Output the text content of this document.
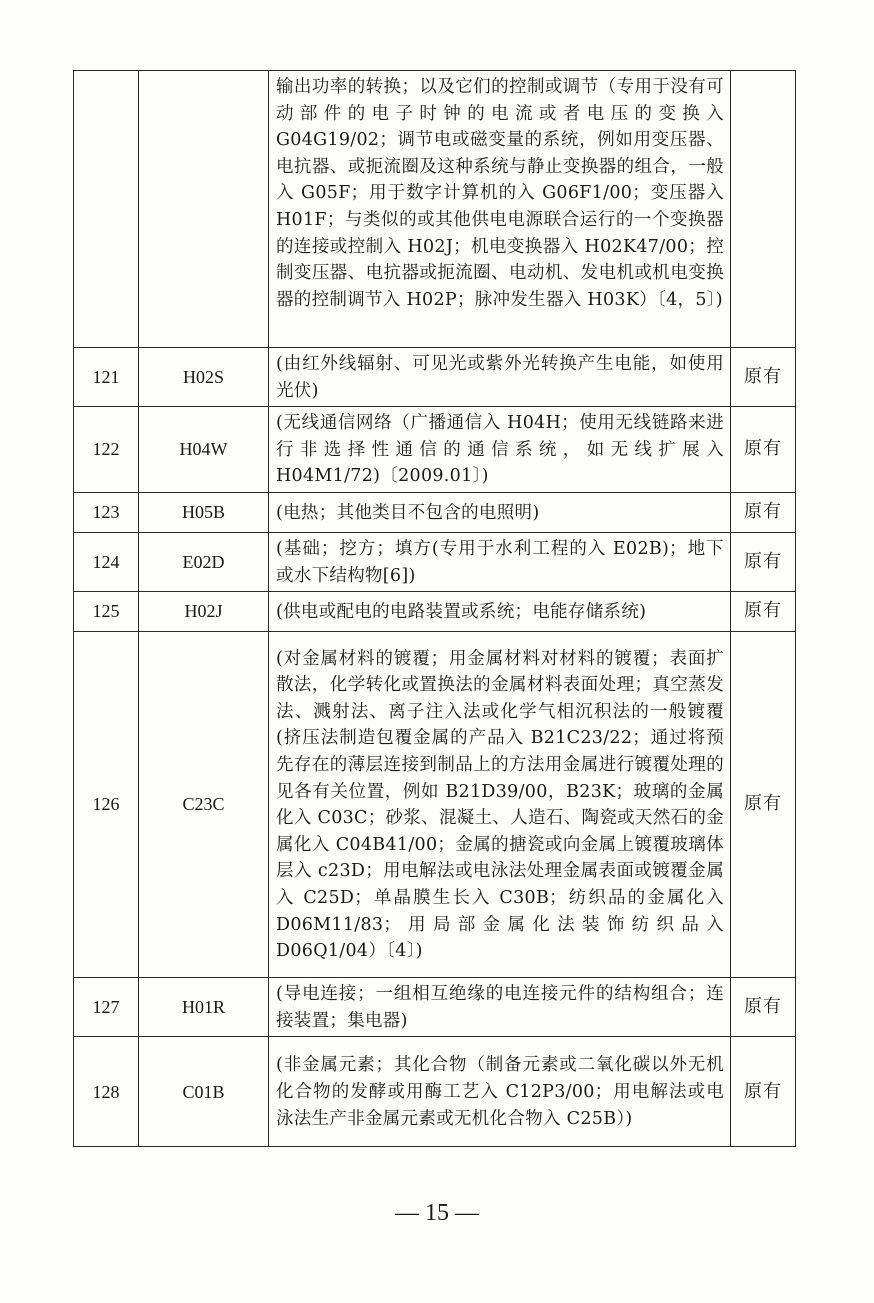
		输出功率的转换；以及它们的控制或调节（专用于没有可动部件的电子时钟的电流或者电压的变换入 G04G19/02；调节电或磁变量的系统，例如用变压器、电抗器、或扼流圈及这种系统与静止变换器的组合，一般入 G05F；用于数字计算机的入 G06F1/00；变压器入 H01F；与类似的或其他供电电源联合运行的一个变换器的连接或控制入 H02J；机电变换器入 H02K47/00；控制变压器、电抗器或扼流圈、电动机、发电机或机电变换器的控制调节入 H02P；脉冲发生器入 H03K）〔4，5〕)	
121	H02S	(由红外线辐射、可见光或紫外光转换产生电能，如使用光伏)	原有
122	H04W	(无线通信网络（广播通信入 H04H；使用无线链路来进行非选择性通信的通信系统，如无线扩展入 H04M1/72)〔2009.01〕)	原有
123	H05B	(电热；其他类目不包含的电照明)	原有
124	E02D	(基础；挖方；填方(专用于水利工程的入 E02B)；地下或水下结构物[6])	原有
125	H02J	(供电或配电的电路装置或系统；电能存储系统)	原有
126	C23C	(对金属材料的镀覆；用金属材料对材料的镀覆；表面扩散法，化学转化或置换法的金属材料表面处理；真空蒸发法、溅射法、离子注入法或化学气相沉积法的一般镀覆(挤压法制造包覆金属的产品入 B21C23/22；通过将预先存在的薄层连接到制品上的方法用金属进行镀覆处理的见各有关位置，例如 B21D39/00，B23K；玻璃的金属化入 C03C；砂浆、混凝土、人造石、陶瓷或天然石的金属化入 C04B41/00；金属的搪瓷或向金属上镀覆玻璃体层入 c23D；用电解法或电泳法处理金属表面或镀覆金属入 C25D；单晶膜生长入 C30B；纺织品的金属化入 D06M11/83；用局部金属化法装饰纺织品入 D06Q1/04）〔4〕)	原有
127	H01R	(导电连接；一组相互绝缘的电连接元件的结构组合；连接装置；集电器)	原有
128	C01B	(非金属元素；其化合物（制备元素或二氧化碳以外无机化合物的发酵或用酶工艺入 C12P3/00；用电解法或电泳法生产非金属元素或无机化合物入 C25B）)	原有
— 15 —
